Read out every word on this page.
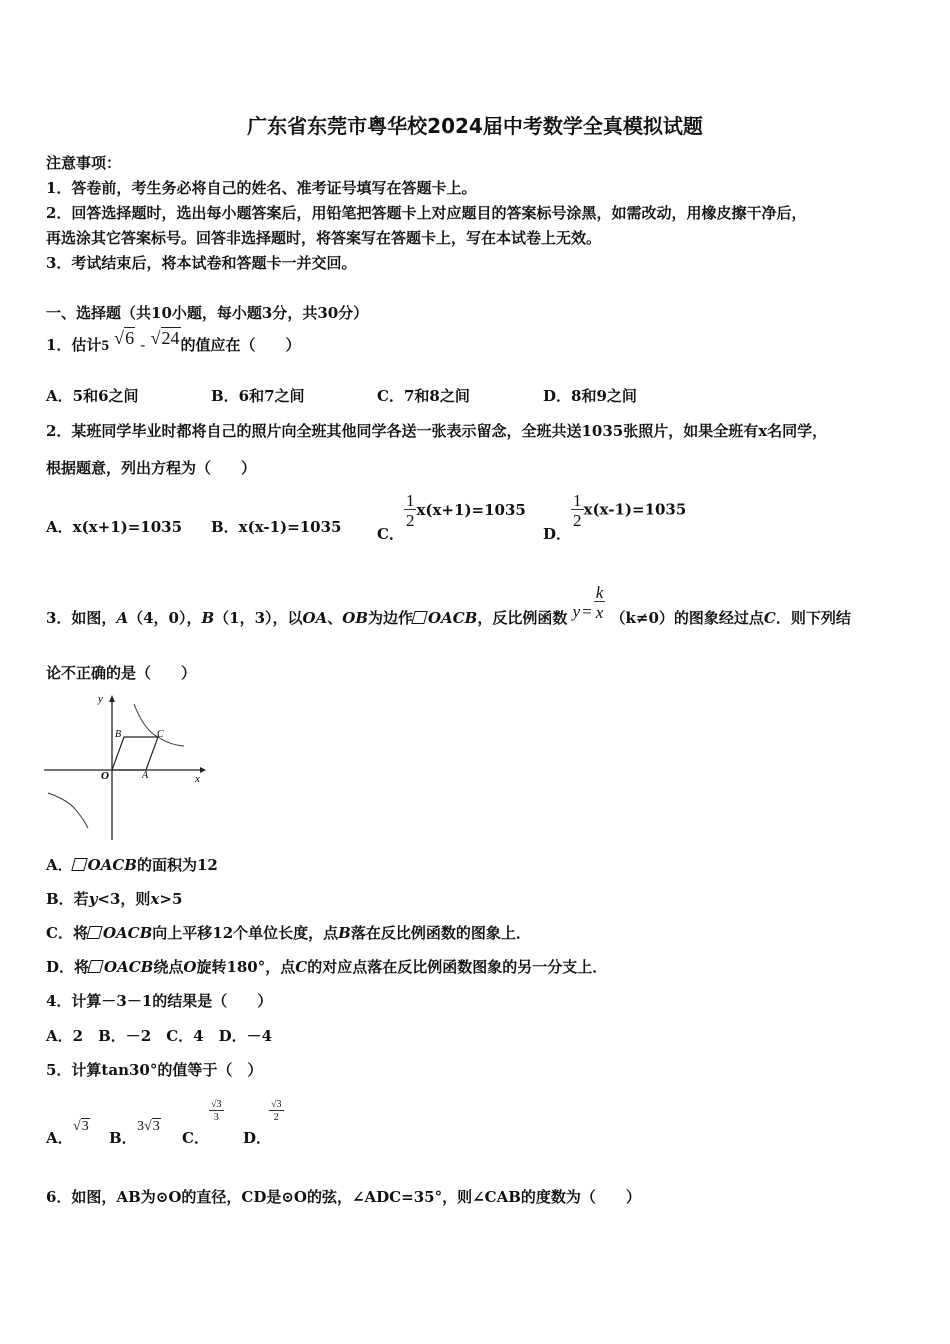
广东省东莞市粤华校2024届中考数学全真模拟试题
注意事项：
1．答卷前，考生务必将自己的姓名、准考证号填写在答题卡上。
2．回答选择题时，选出每小题答案后，用铅笔把答题卡上对应题目的答案标号涂黑，如需改动，用橡皮擦干净后，
再选涂其它答案标号。回答非选择题时，将答案写在答题卡上，写在本试卷上无效。
3．考试结束后，将本试卷和答题卡一并交回。
一、选择题（共10小题，每小题3分，共30分）
1．估计5 √6 - √24的值应在（　　）
A．5和6之间	B．6和7之间	C．7和8之间	D．8和9之间
2．某班同学毕业时都将自己的照片向全班其他同学各送一张表示留念，全班共送1035张照片，如果全班有x名同学，
根据题意，列出方程为（　　）
A．x(x+1)=1035 B．x(x-1)=1035 C．
$\frac{1}{2} x(x+1)=1035$
D．
$\frac{1}{2} x(x-1)=1035$
3．如图，A（4，0），B（1，3），以OA、OB为边作 OACB，反比例函数 $y = \frac{k}{x} (k\ne 0)$的图象经过点C．则下列结
论不正确的是（　　）
y
x
O	A
B	C
A． OACB的面积为12
B．若y<3，则x>5
C．将 OACB向上平移12个单位长度，点B落在反比例函数的图象上．
D．将 OACB绕点O旋转180°，点C的对应点落在反比例函数图象的另一分支上．
4．计算－3－1的结果是（　　）
A．2　B．－2　C．4　D．－4
5．计算tan30°的值等于（　）
A．
√3
B．
3√3
C．
$\frac{√3}{3}$
D．
$\frac{√3}{2}$
6．如图，AB为⊙O的直径，CD是⊙O的弦，∠ADC=35°，则∠CAB的度数为（　　）
